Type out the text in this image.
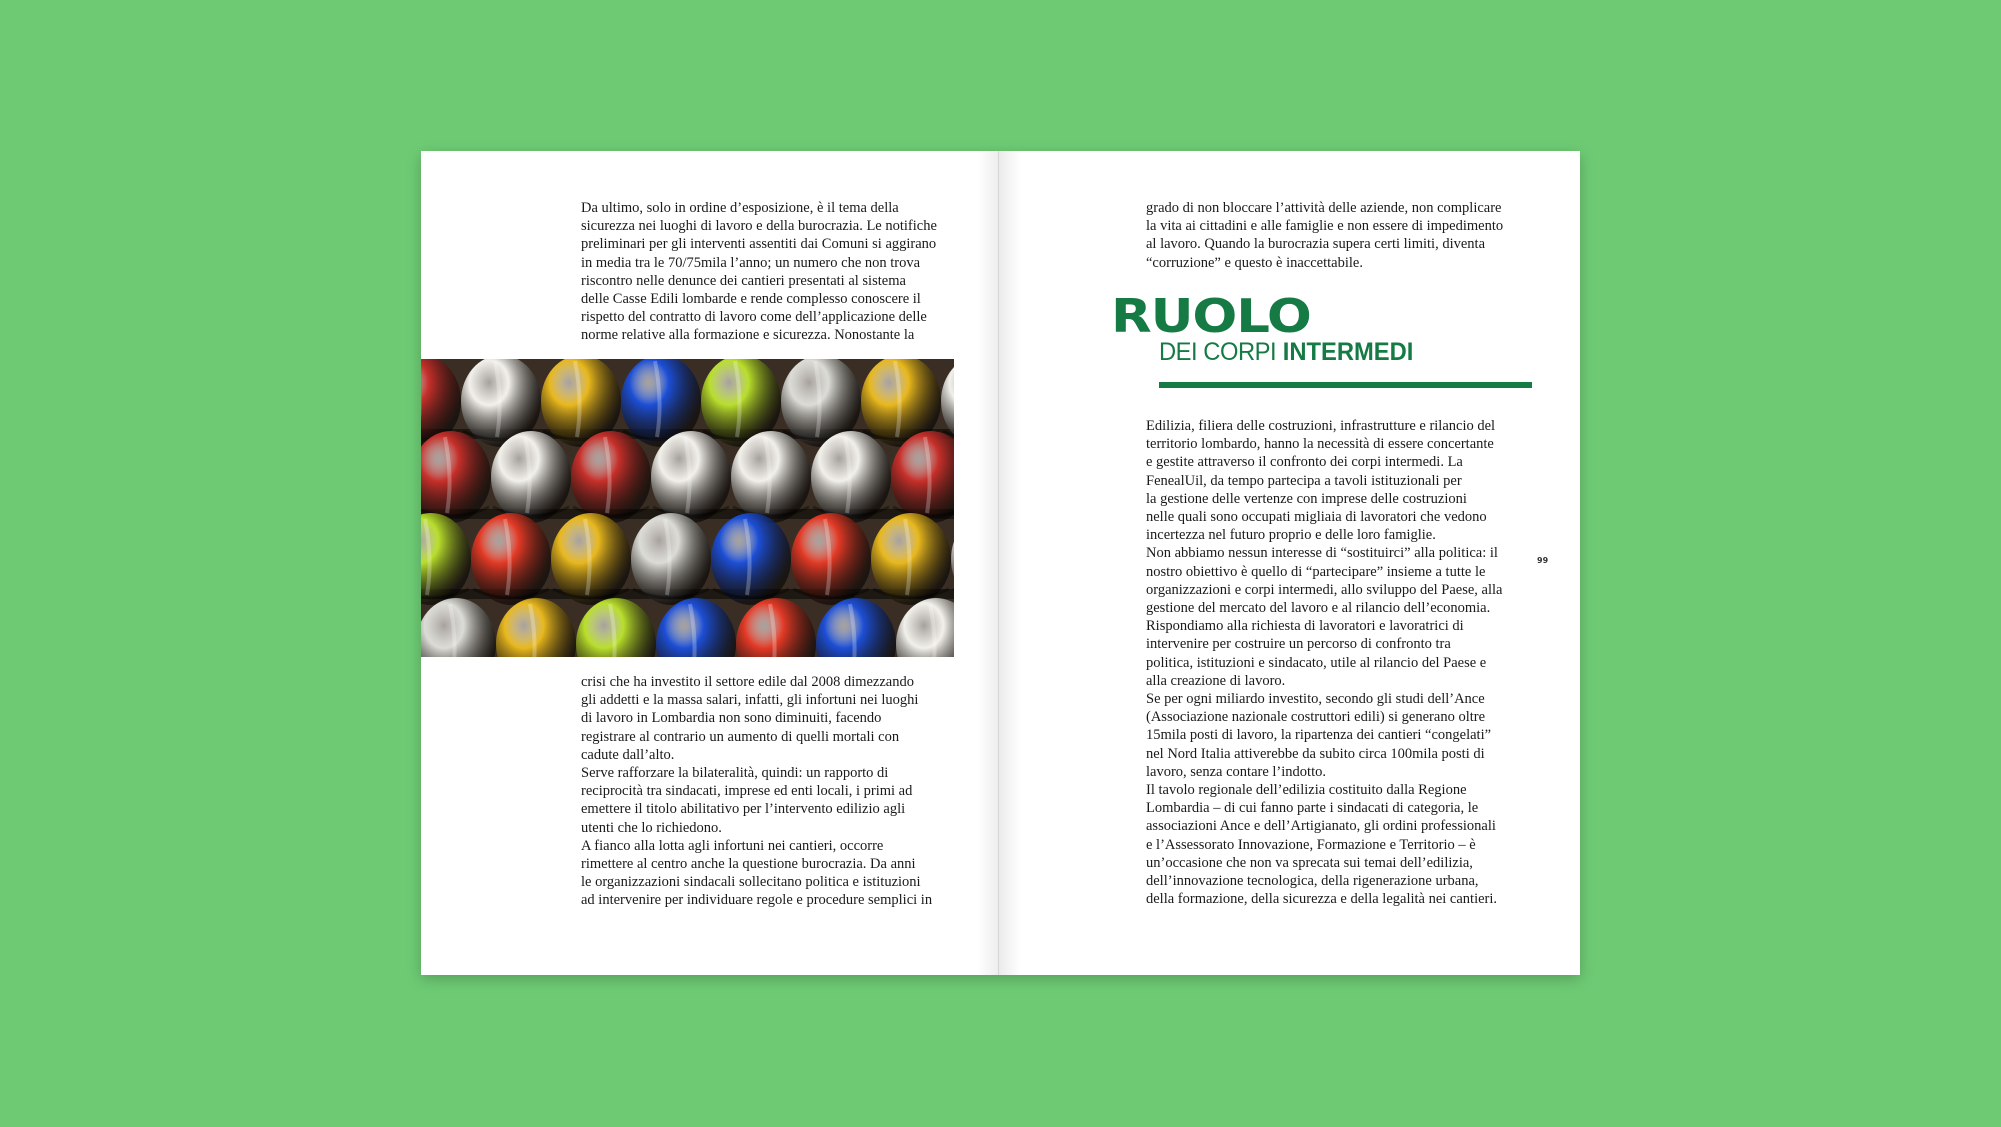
Da ultimo, solo in ordine d’esposizione, è il tema della
sicurezza nei luoghi di lavoro e della burocrazia. Le notifiche
preliminari per gli interventi assentiti dai Comuni si aggirano
in media tra le 70/75mila l’anno; un numero che non trova
riscontro nelle denunce dei cantieri presentati al sistema
delle Casse Edili lombarde e rende complesso conoscere il
rispetto del contratto di lavoro come dell’applicazione delle
norme relative alla formazione e sicurezza. Nonostante la
crisi che ha investito il settore edile dal 2008 dimezzando
gli addetti e la massa salari, infatti, gli infortuni nei luoghi
di lavoro in Lombardia non sono diminuiti, facendo
registrare al contrario un aumento di quelli mortali con
cadute dall’alto.
Serve rafforzare la bilateralità, quindi: un rapporto di
reciprocità tra sindacati, imprese ed enti locali, i primi ad
emettere il titolo abilitativo per l’intervento edilizio agli
utenti che lo richiedono.
A fianco alla lotta agli infortuni nei cantieri, occorre
rimettere al centro anche la questione burocrazia. Da anni
le organizzazioni sindacali sollecitano politica e istituzioni
ad intervenire per individuare regole e procedure semplici in
grado di non bloccare l’attività delle aziende, non complicare
la vita ai cittadini e alle famiglie e non essere di impedimento
al lavoro. Quando la burocrazia supera certi limiti, diventa
“corruzione” e questo è inaccettabile.
RUOLO
DEI CORPI INTERMEDI
Edilizia, filiera delle costruzioni, infrastrutture e rilancio del
territorio lombardo, hanno la necessità di essere concertante
e gestite attraverso il confronto dei corpi intermedi. La
FenealUil, da tempo partecipa a tavoli istituzionali per
la gestione delle vertenze con imprese delle costruzioni
nelle quali sono occupati migliaia di lavoratori che vedono
incertezza nel futuro proprio e delle loro famiglie.
Non abbiamo nessun interesse di “sostituirci” alla politica: il
nostro obiettivo è quello di “partecipare” insieme a tutte le
organizzazioni e corpi intermedi, allo sviluppo del Paese, alla
gestione del mercato del lavoro e al rilancio dell’economia.
Rispondiamo alla richiesta di lavoratori e lavoratrici di
intervenire per costruire un percorso di confronto tra
politica, istituzioni e sindacato, utile al rilancio del Paese e
alla creazione di lavoro.
Se per ogni miliardo investito, secondo gli studi dell’Ance
(Associazione nazionale costruttori edili) si generano oltre
15mila posti di lavoro, la ripartenza dei cantieri “congelati”
nel Nord Italia attiverebbe da subito circa 100mila posti di
lavoro, senza contare l’indotto.
Il tavolo regionale dell’edilizia costituito dalla Regione
Lombardia – di cui fanno parte i sindacati di categoria, le
associazioni Ance e dell’Artigianato, gli ordini professionali
e l’Assessorato Innovazione, Formazione e Territorio – è
un’occasione che non va sprecata sui temai dell’edilizia,
dell’innovazione tecnologica, della rigenerazione urbana,
della formazione, della sicurezza e della legalità nei cantieri.
99
